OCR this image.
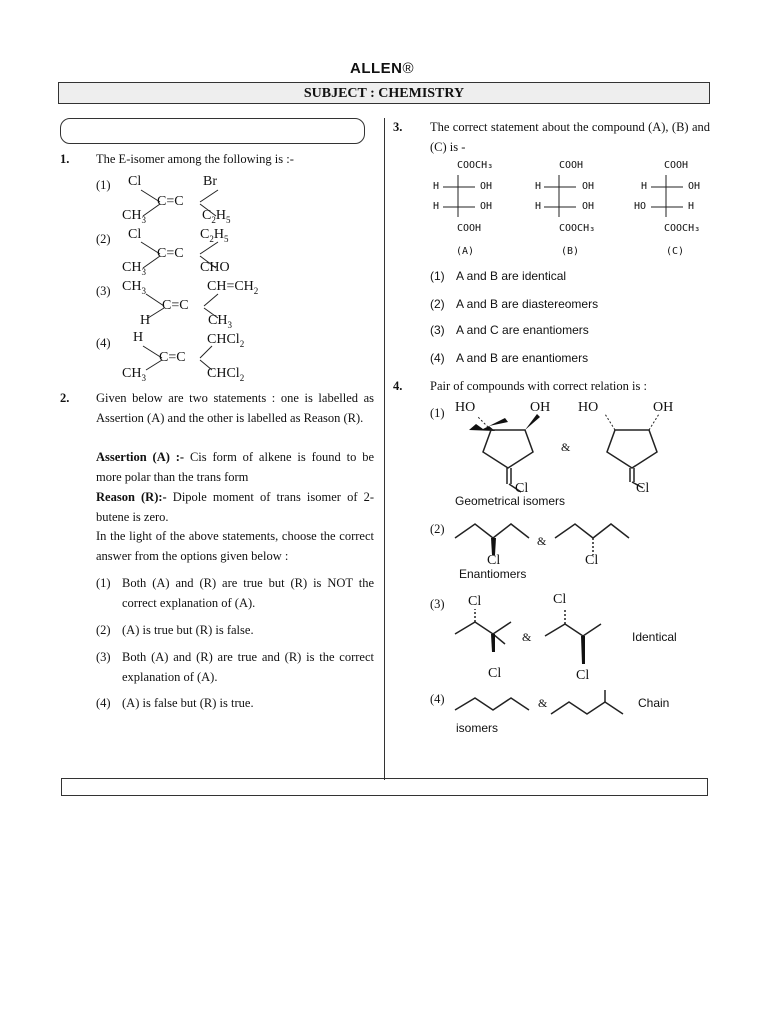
ALLEN®
SUBJECT : CHEMISTRY
1. The E-isomer among the following is :-
(1)
(2)
(3)
(4)
Cl	Br
C=C
$CH_3$	$C_2H_5$
Cl	$C_2H_5$
C=C
$CH_3$	CHO
$CH_3$	$CH=CH_2$
C=C
H	$CH_3$
H	CHCl$_2$
C=C
$CH_3$	CHCl$_2$
2. Given below are two statements : one is labelled as Assertion (A) and the other is labelled as Reason (R).
Assertion (A) :- Cis form of alkene is found to be more polar than the trans form
Reason (R):- Dipole moment of trans isomer of 2-butene is zero.
In the light of the above statements, choose the correct answer from the options given below :
(1) Both (A) and (R) are true but (R) is NOT the correct explanation of (A).
(2) (A) is true but (R) is false.
(3) Both (A) and (R) are true and (R) is the correct explanation of (A).
(4) (A) is false but (R) is true.
3. The correct statement about the compound (A), (B) and (C) is -
COOCH₃
H	OH
H	OH
COOH
(A)
COOH
H	OH
H	OH
COOCH₃
(B)
COOH
H	OH
HO	H
COOCH₃
(C)
(1) A and B are identical
(2) A and B are diastereomers
(3) A and C are enantiomers
(4) A and B are enantiomers
4. Pair of compounds with correct relation is :
(1) HO	OH HO	OH
&
Cl	Cl
Geometrical isomers
(2)
&
Cl	Cl
Enantiomers
(3) Cl	Cl
&
Cl	Cl
Identical
(4)	&	Chain
isomers
